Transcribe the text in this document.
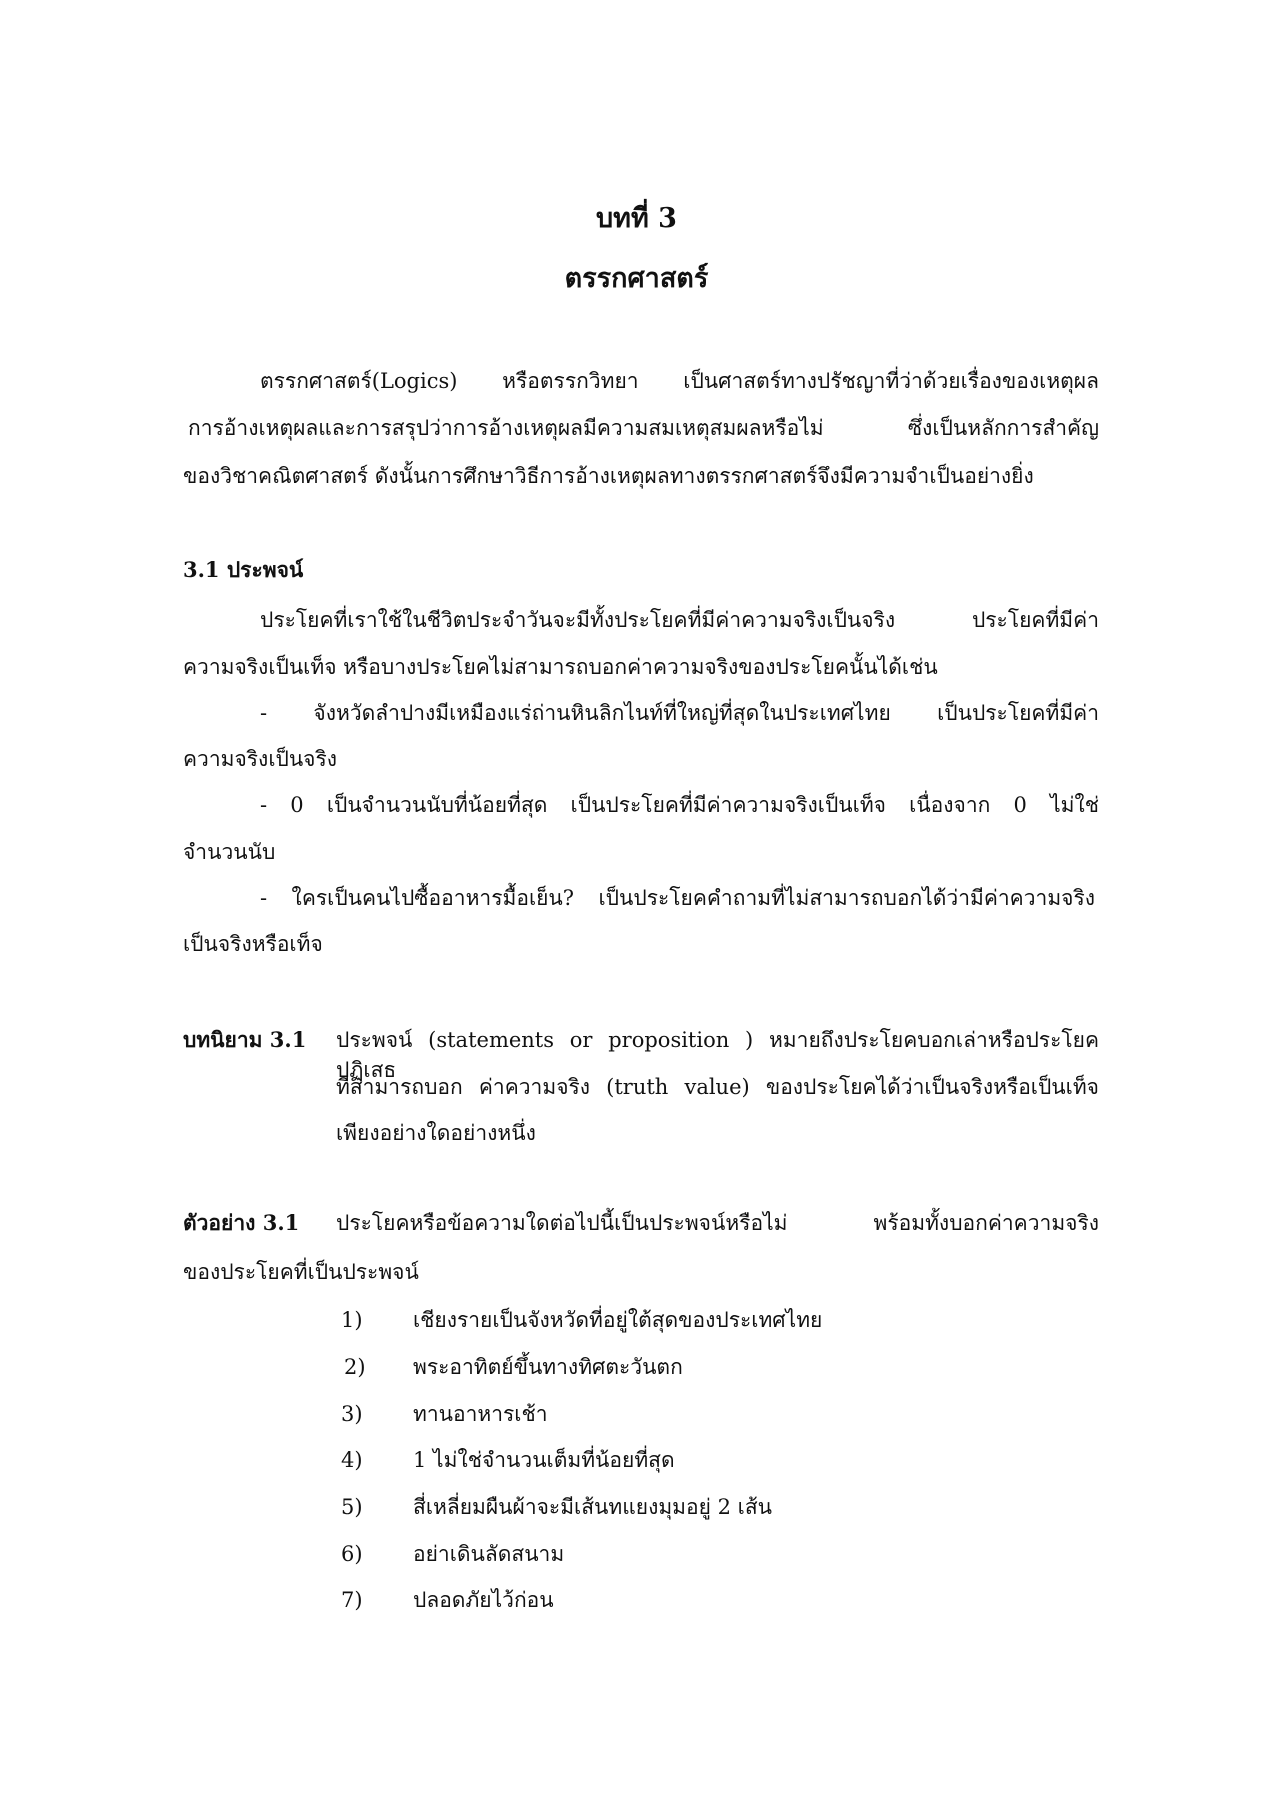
บทที่ 3
ตรรกศาสตร์
ตรรกศาสตร์(Logics) หรือตรรกวิทยา เป็นศาสตร์ทางปรัชญาที่ว่าด้วยเรื่องของเหตุผล
การอ้างเหตุผลและการสรุปว่าการอ้างเหตุผลมีความสมเหตุสมผลหรือไม่ ซึ่งเป็นหลักการสำคัญ
ของวิชาคณิตศาสตร์ ดังนั้นการศึกษาวิธีการอ้างเหตุผลทางตรรกศาสตร์จึงมีความจำเป็นอย่างยิ่ง
3.1 ประพจน์
ประโยคที่เราใช้ในชีวิตประจำวันจะมีทั้งประโยคที่มีค่าความจริงเป็นจริง ประโยคที่มีค่า
ความจริงเป็นเท็จ หรือบางประโยคไม่สามารถบอกค่าความจริงของประโยคนั้นได้เช่น
- จังหวัดลำปางมีเหมืองแร่ถ่านหินลิกไนท์ที่ใหญ่ที่สุดในประเทศไทย เป็นประโยคที่มีค่า
ความจริงเป็นจริง
- 0 เป็นจำนวนนับที่น้อยที่สุด เป็นประโยคที่มีค่าความจริงเป็นเท็จ เนื่องจาก 0 ไม่ใช่
จำนวนนับ
- ใครเป็นคนไปซื้ออาหารมื้อเย็น? เป็นประโยคคำถามที่ไม่สามารถบอกได้ว่ามีค่าความจริง
เป็นจริงหรือเท็จ
บทนิยาม 3.1 ประพจน์ (statements or proposition ) หมายถึงประโยคบอกเล่าหรือประโยคปฏิเสธ
ที่สามารถบอก ค่าความจริง (truth value) ของประโยคได้ว่าเป็นจริงหรือเป็นเท็จ
เพียงอย่างใดอย่างหนึ่ง
ตัวอย่าง 3.1 ประโยคหรือข้อความใดต่อไปนี้เป็นประพจน์หรือไม่ พร้อมทั้งบอกค่าความจริง
ของประโยคที่เป็นประพจน์
1) เชียงรายเป็นจังหวัดที่อยู่ใต้สุดของประเทศไทย
2) พระอาทิตย์ขึ้นทางทิศตะวันตก
3) ทานอาหารเช้า
4) 1 ไม่ใช่จำนวนเต็มที่น้อยที่สุด
5) สี่เหลี่ยมผืนผ้าจะมีเส้นทแยงมุมอยู่ 2 เส้น
6) อย่าเดินลัดสนาม
7) ปลอดภัยไว้ก่อน
